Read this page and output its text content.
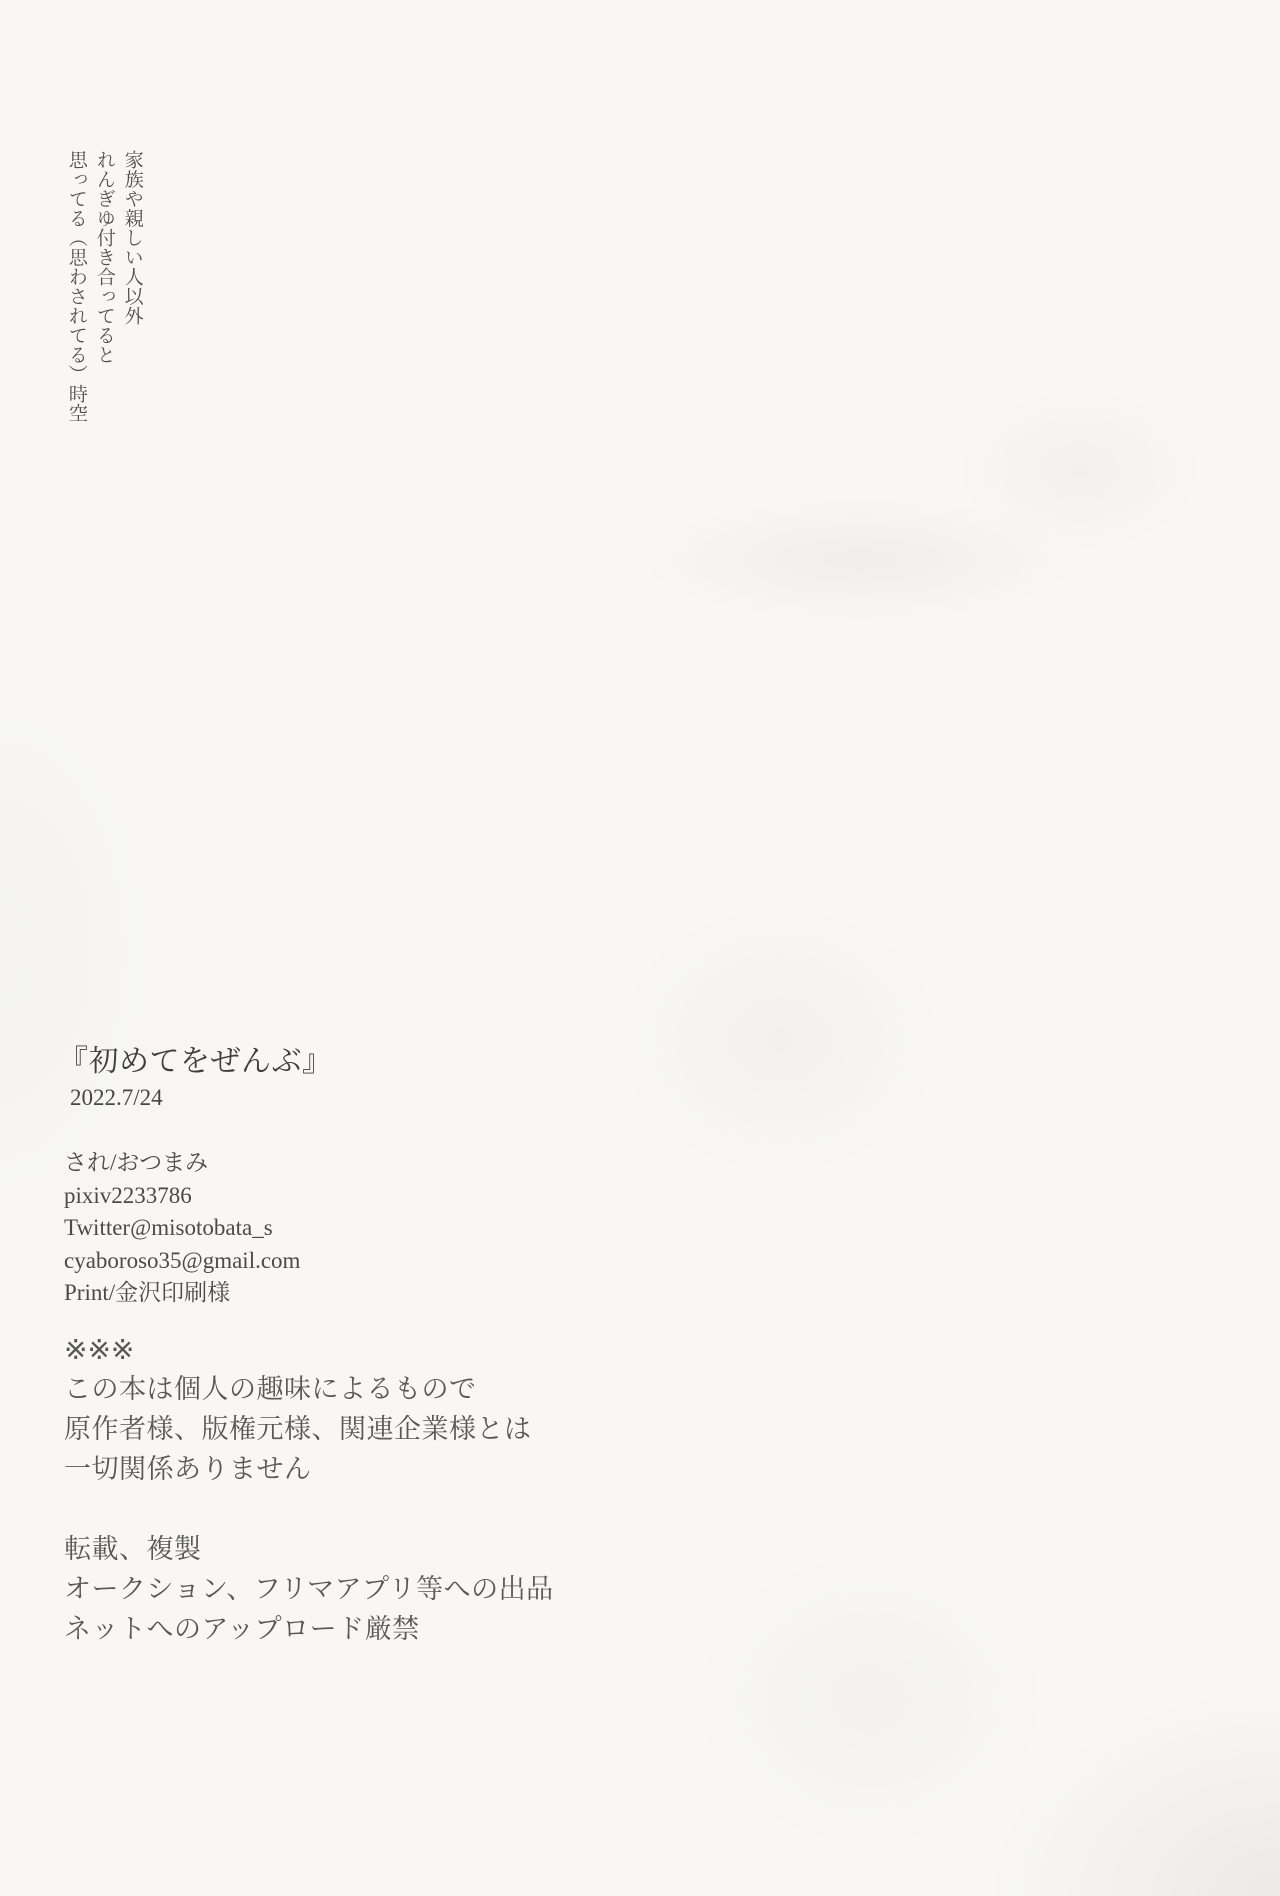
家族や親しい人以外
れんぎゆ付き合ってると
思ってる（思わされてる）時空
『初めてをぜんぶ』
2022.7/24
され/おつまみ
pixiv2233786
Twitter@misotobata_s
cyaboroso35@gmail.com
Print/金沢印刷様
※※※
この本は個人の趣味によるもので
原作者様、版権元様、関連企業様とは
一切関係ありません
転載、複製
オークション、フリマアプリ等への出品
ネットへのアップロード厳禁
